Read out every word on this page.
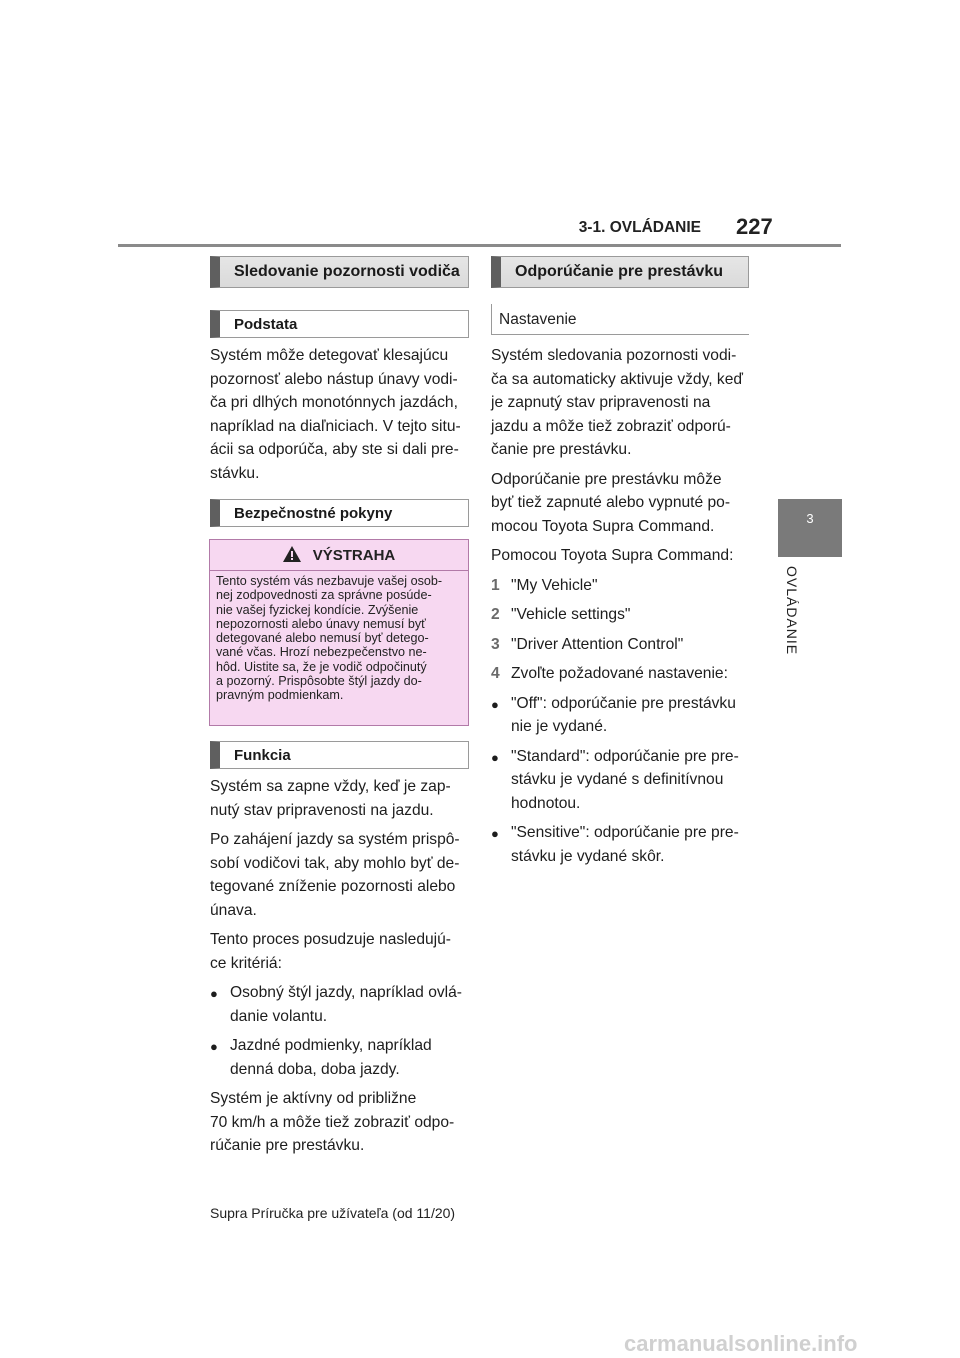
3-1. OVLÁDANIE 227
3
OVLÁDANIE
Sledovanie pozornosti vodiča
Podstata
Systém môže detegovať klesajúcu
pozornosť alebo nástup únavy vodi-
ča pri dlhých monotónnych jazdách,
napríklad na diaľniciach. V tejto situ-
ácii sa odporúča, aby ste si dali pre-
stávku.
Bezpečnostné pokyny
VÝSTRAHA
Tento systém vás nezbavuje vašej osob-
nej zodpovednosti za správne posúde-
nie vašej fyzickej kondície. Zvýšenie
nepozornosti alebo únavy nemusí byť
detegované alebo nemusí byť detego-
vané včas. Hrozí nebezpečenstvo ne-
hôd. Uistite sa, že je vodič odpočinutý
a pozorný. Prispôsobte štýl jazdy do-
pravným podmienkam.
Funkcia

Systém sa zapne vždy, keď je zap-
nutý stav pripravenosti na jazdu.

Po zahájení jazdy sa systém prispô-
sobí vodičovi tak, aby mohlo byť de-
tegované zníženie pozornosti alebo
únava.

Tento proces posudzuje nasledujú-
ce kritériá:

● Osobný štýl jazdy, napríklad ovlá-
danie volantu.

● Jazdné podmienky, napríklad
denná doba, doba jazdy.

Systém je aktívny od približne
70 km/h a môže tiež zobraziť odpo-
rúčanie pre prestávku.

Odporúčanie pre prestávku
Nastavenie

Systém sledovania pozornosti vodi-
ča sa automaticky aktivuje vždy, keď
je zapnutý stav pripravenosti na
jazdu a môže tiež zobraziť odporú-
čanie pre prestávku.

Odporúčanie pre prestávku môže
byť tiež zapnuté alebo vypnuté po-
mocou Toyota Supra Command.

Pomocou Toyota Supra Command:

1 "My Vehicle"

2 "Vehicle settings"

3 "Driver Attention Control"

4 Zvoľte požadované nastavenie:

● "Off": odporúčanie pre prestávku
nie je vydané.

● "Standard": odporúčanie pre pre-
stávku je vydané s definitívnou
hodnotou.

● "Sensitive": odporúčanie pre pre-
stávku je vydané skôr.

Supra Príručka pre užívateľa (od 11/20)
carmanualsonline.info
